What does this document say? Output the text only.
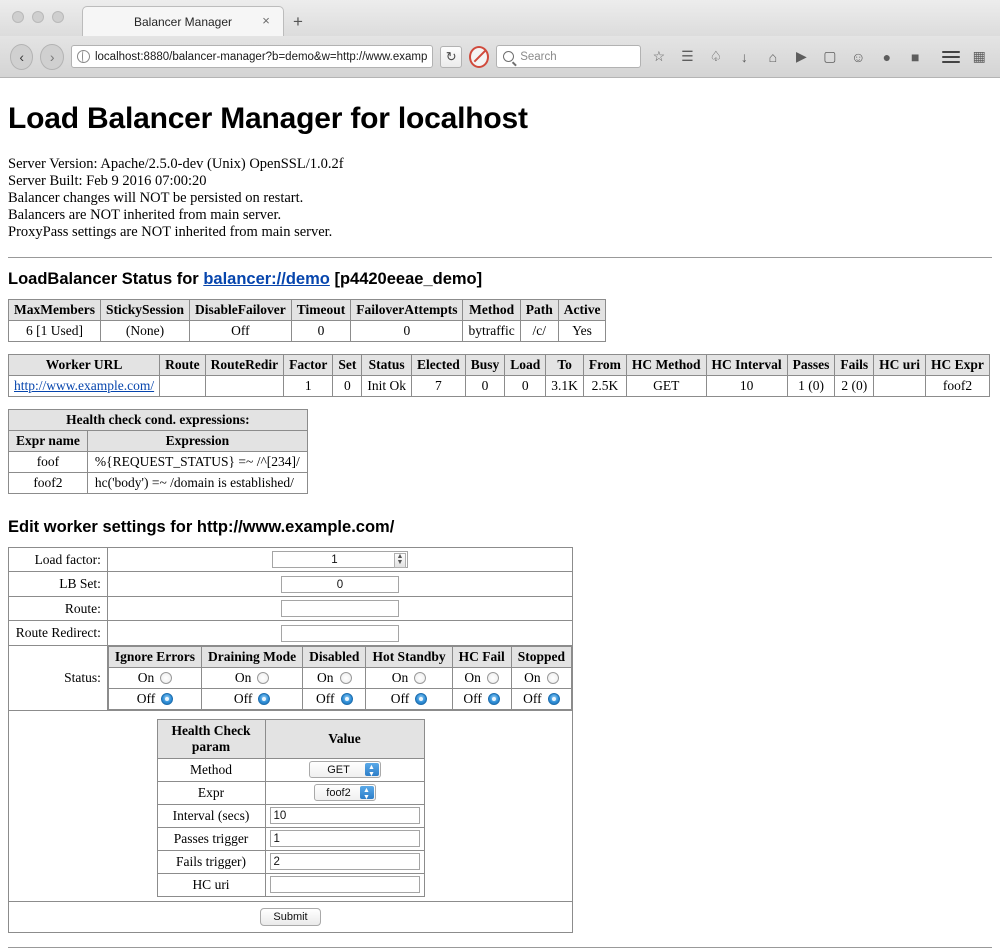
Balancer Manager ×	+
‹	›	localhost:8880/balancer-manager?b=demo&w=http://www.examp	↻	Search	☆	☰	♤	↓	⌂	▶	▢ ☺	●	■	▦
Load Balancer Manager for localhost
Server Version: Apache/2.5.0-dev (Unix) OpenSSL/1.0.2f
Server Built: Feb 9 2016 07:00:20
Balancer changes will NOT be persisted on restart.
Balancers are NOT inherited from main server.
ProxyPass settings are NOT inherited from main server.
LoadBalancer Status for balancer://demo [p4420eeae_demo]
MaxMembers	StickySession	DisableFailover	Timeout	FailoverAttempts	Method	Path	Active
6 [1 Used]	(None)	Off	0	0	bytraffic	/c/	Yes
Worker URL	Route	RouteRedir	Factor	Set	Status	Elected	Busy	Load	To	From	HC Method	HC Interval	Passes	Fails	HC uri	HC Expr
http://www.example.com/			1	0	Init Ok	7	0	0	3.1K	2.5K	GET	10	1 (0)	2 (0)		foof2
Health check cond. expressions:	
Expr name	Expression
foof	%{REQUEST_STATUS} =~ /^[234]/
foof2	hc('body') =~ /domain is established/
Edit worker settings for http://www.example.com/
Load factor:	1	▲
▼

LB Set:	0
Route:	
Route Redirect:	
Status:	
Ignore Errors	Draining Mode	Disabled	Hot Standby	HC Fail	Stopped

On	On	On	On	On	On

Off	Off	Off	Off	Off	Off

Health Check param	Value
Method	GET	▲
▼

Expr	foof2	▲
▼

Interval (secs)	10
Passes trigger	1
Fails trigger)	2
HC uri	

Submit
